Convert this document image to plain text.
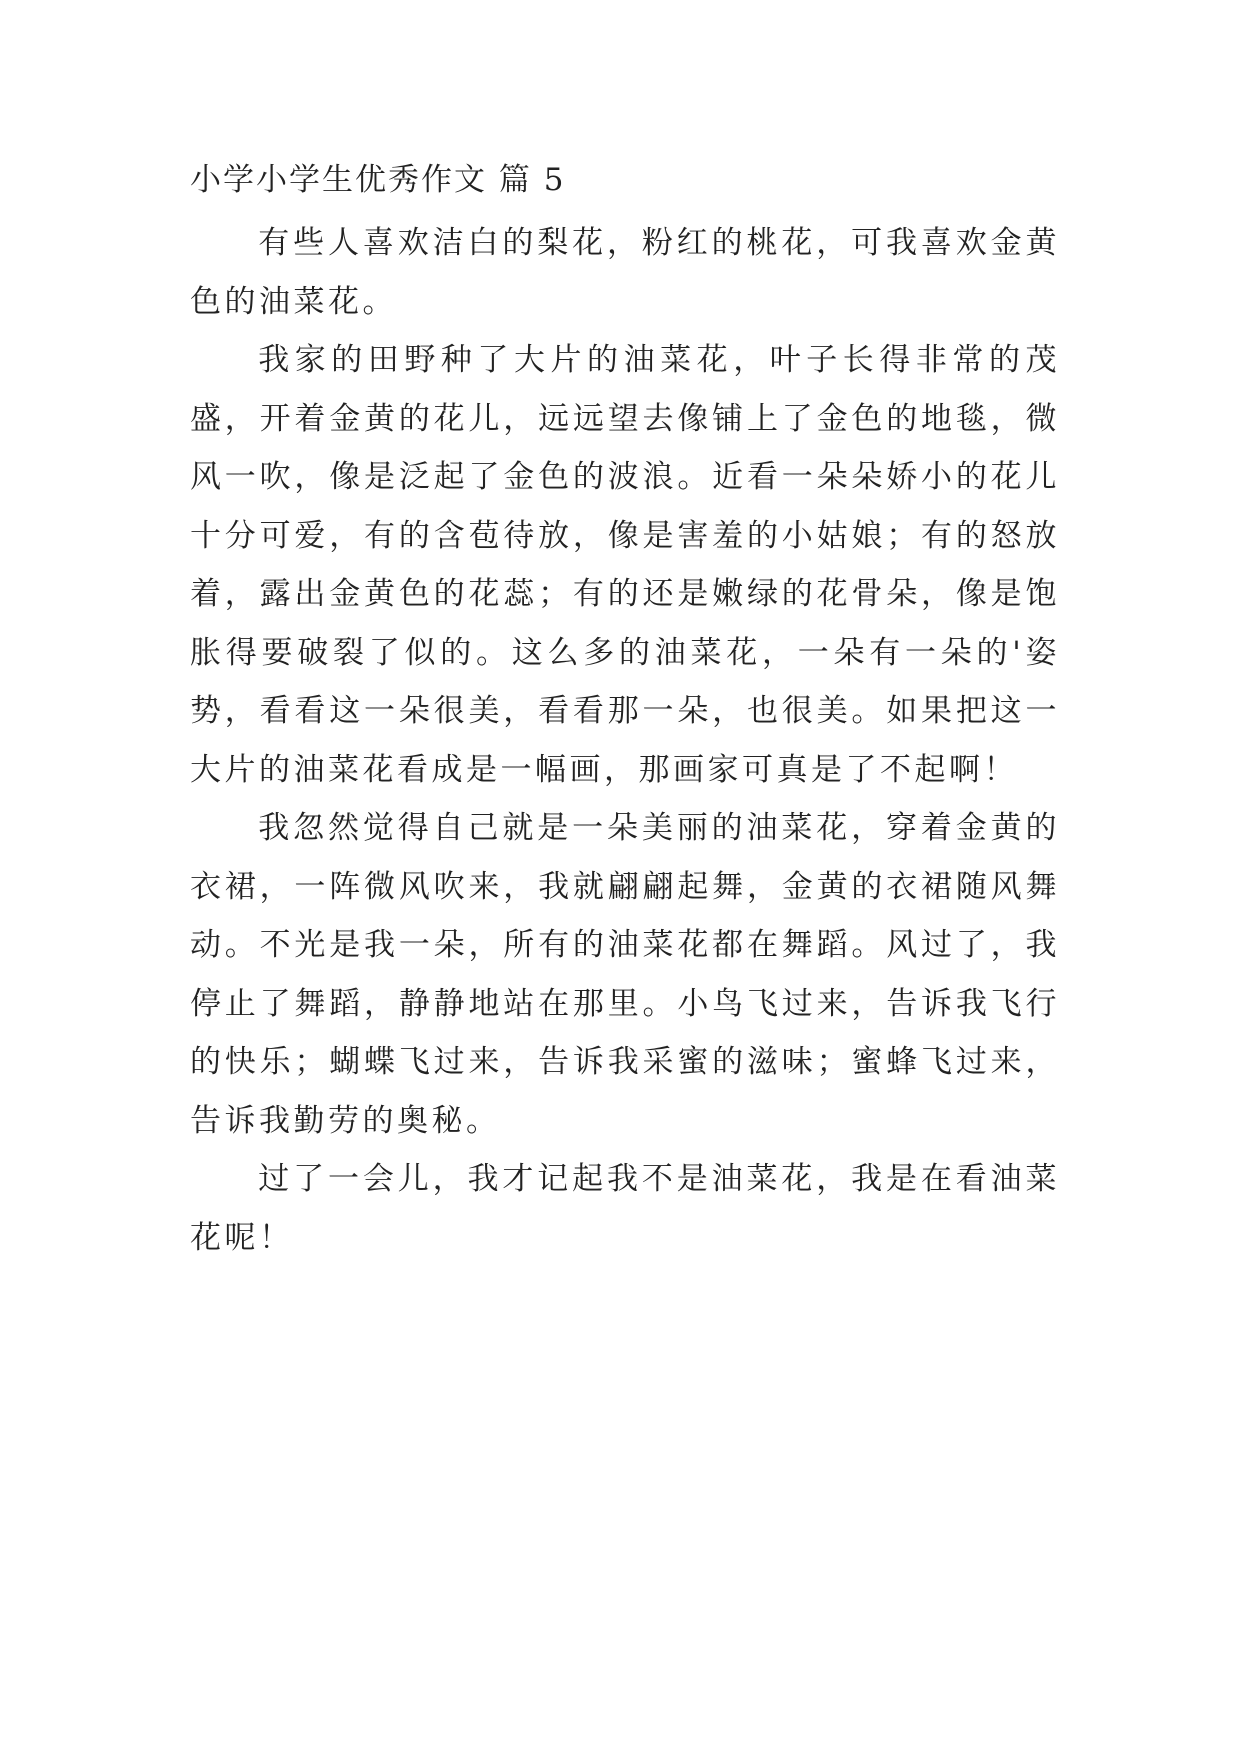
小学小学生优秀作文 篇 5

有些人喜欢洁白的梨花，粉红的桃花，可我喜欢金黄色的油菜花。

我家的田野种了大片的油菜花，叶子长得非常的茂盛，开着金黄的花儿，远远望去像铺上了金色的地毯，微风一吹，像是泛起了金色的波浪。近看一朵朵娇小的花儿十分可爱，有的含苞待放，像是害羞的小姑娘；有的怒放着，露出金黄色的花蕊；有的还是嫩绿的花骨朵，像是饱胀得要破裂了似的。这么多的油菜花，一朵有一朵的'姿势，看看这一朵很美，看看那一朵，也很美。如果把这一大片的油菜花看成是一幅画，那画家可真是了不起啊！

我忽然觉得自己就是一朵美丽的油菜花，穿着金黄的衣裙，一阵微风吹来，我就翩翩起舞，金黄的衣裙随风舞动。不光是我一朵，所有的油菜花都在舞蹈。风过了，我停止了舞蹈，静静地站在那里。小鸟飞过来，告诉我飞行的快乐；蝴蝶飞过来，告诉我采蜜的滋味；蜜蜂飞过来，告诉我勤劳的奥秘。

过了一会儿，我才记起我不是油菜花，我是在看油菜花呢！
